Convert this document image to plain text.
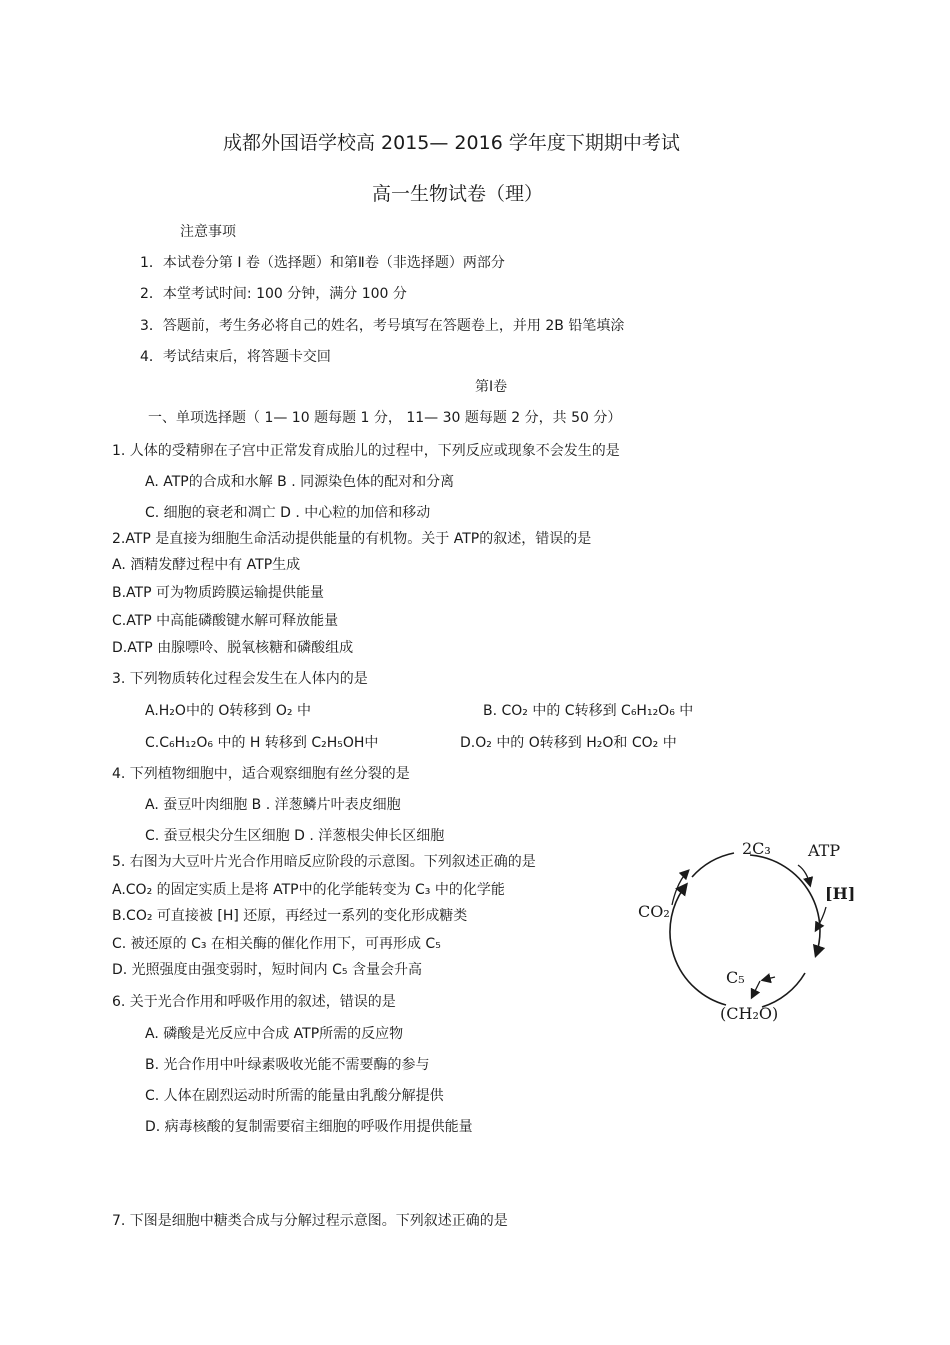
成都外国语学校高 2015— 2016 学年度下期期中考试
高一生物试卷（理）
注意事项
1．本试卷分第 Ⅰ 卷（选择题）和第Ⅱ卷（非选择题）两部分
2．本堂考试时间: 100 分钟，满分 100 分
3．答题前，考生务必将自己的姓名，考号填写在答题卷上，并用 2B 铅笔填涂
4．考试结束后，将答题卡交回
第Ⅰ卷
一、单项选择题（ 1— 10 题每题 1 分， 11— 30 题每题 2 分，共 50 分）
1. 人体的受精卵在子宫中正常发育成胎儿的过程中，下列反应或现象不会发生的是
A. ATP的合成和水解 B . 同源染色体的配对和分离
C. 细胞的衰老和凋亡 D . 中心粒的加倍和移动
2.ATP 是直接为细胞生命活动提供能量的有机物。关于 ATP的叙述，错误的是
A. 酒精发酵过程中有 ATP生成
B.ATP 可为物质跨膜运输提供能量
C.ATP 中高能磷酸键水解可释放能量
D.ATP 由腺嘌呤、脱氧核糖和磷酸组成
3. 下列物质转化过程会发生在人体内的是
A.H₂O中的 O转移到 O₂ 中	B. CO₂ 中的 C转移到 C₆H₁₂O₆ 中
C.C₆H₁₂O₆ 中的 H 转移到 C₂H₅OH中	D.O₂ 中的 O转移到 H₂O和 CO₂ 中
4. 下列植物细胞中，适合观察细胞有丝分裂的是
A. 蚕豆叶肉细胞 B . 洋葱鳞片叶表皮细胞
C. 蚕豆根尖分生区细胞 D . 洋葱根尖伸长区细胞
5. 右图为大豆叶片光合作用暗反应阶段的示意图。下列叙述正确的是
A.CO₂ 的固定实质上是将 ATP中的化学能转变为 C₃ 中的化学能
B.CO₂ 可直接被 [H] 还原，再经过一系列的变化形成糖类
C. 被还原的 C₃ 在相关酶的催化作用下，可再形成 C₅
D. 光照强度由强变弱时，短时间内 C₅ 含量会升高
2C₃ ATP
[H]
CO₂
C₅
(CH₂O)
6. 关于光合作用和呼吸作用的叙述，错误的是
A. 磷酸是光反应中合成 ATP所需的反应物
B. 光合作用中叶绿素吸收光能不需要酶的参与
C. 人体在剧烈运动时所需的能量由乳酸分解提供
D. 病毒核酸的复制需要宿主细胞的呼吸作用提供能量
7. 下图是细胞中糖类合成与分解过程示意图。下列叙述正确的是
